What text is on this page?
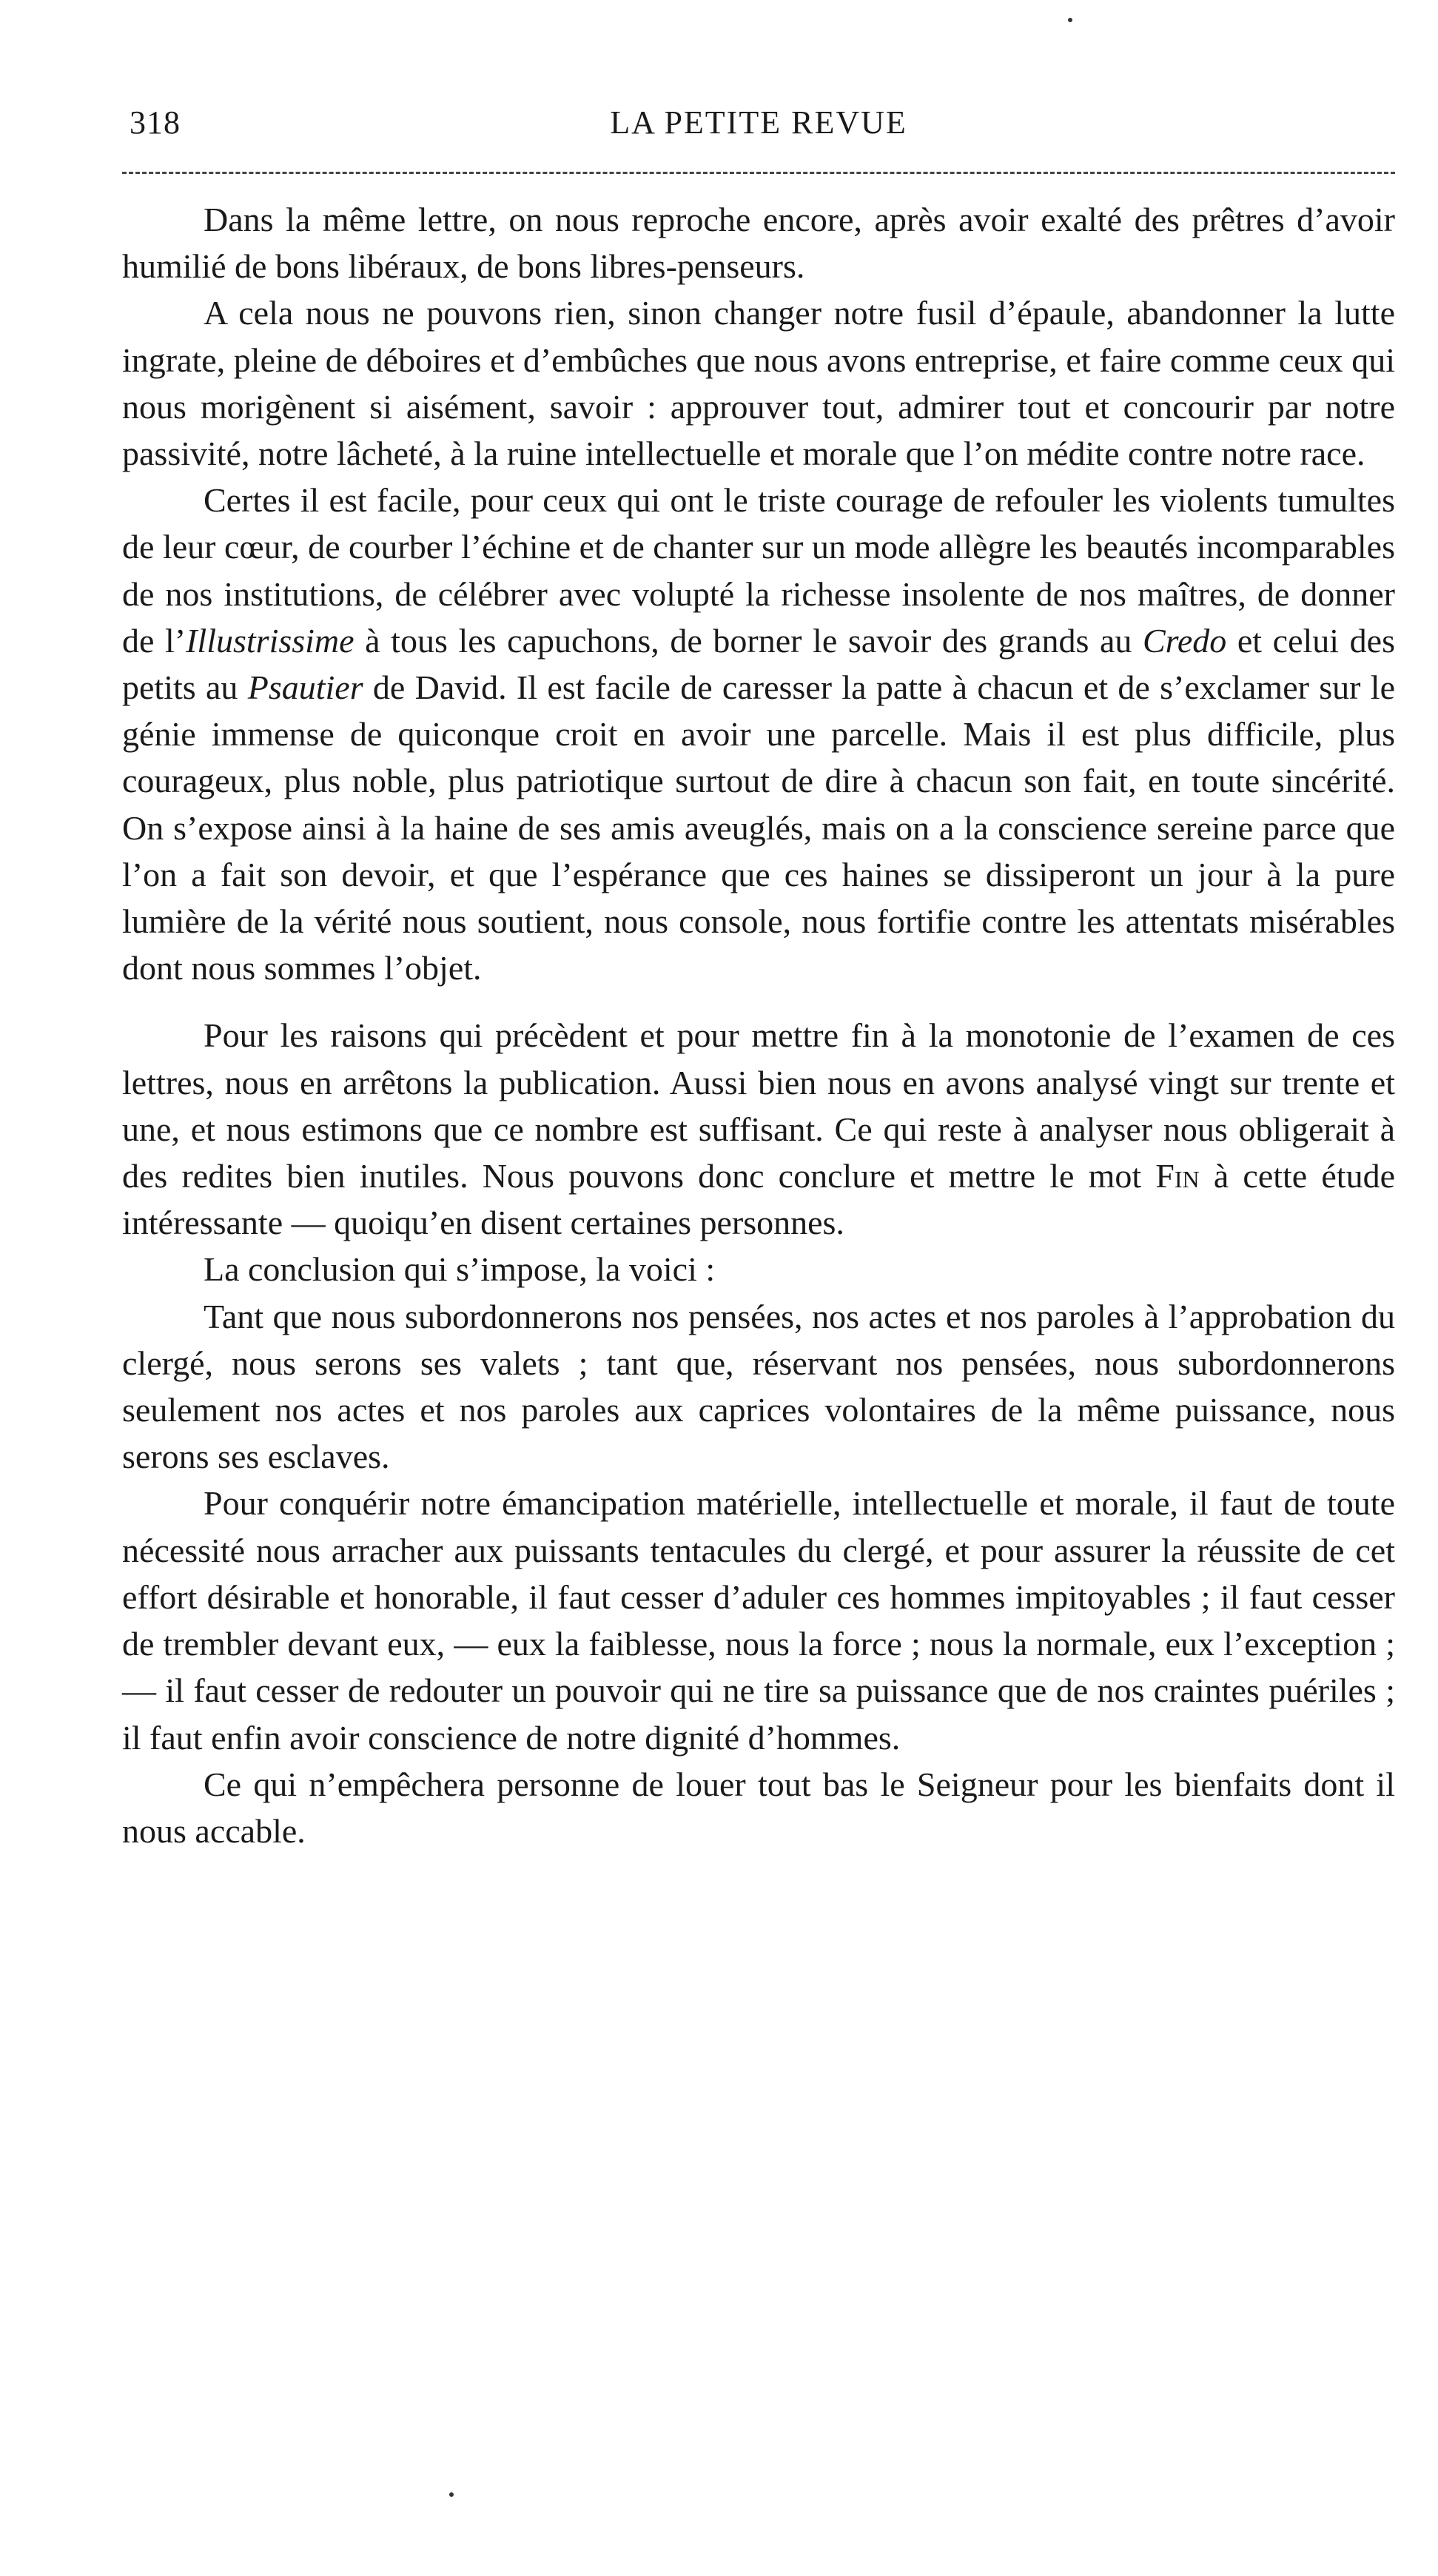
318	LA PETITE REVUE

Dans la même lettre, on nous reproche encore, après avoir exalté des prêtres d’avoir humilié de bons libéraux, de bons libres-penseurs.

A cela nous ne pouvons rien, sinon changer notre fusil d’épaule, abandonner la lutte ingrate, pleine de déboires et d’embûches que nous avons entreprise, et faire comme ceux qui nous morigènent si aisément, savoir : approuver tout, admirer tout et concourir par notre passivité, notre lâcheté, à la ruine intellectuelle et morale que l’on médite contre notre race.

Certes il est facile, pour ceux qui ont le triste courage de refouler les violents tumultes de leur cœur, de courber l’échine et de chanter sur un mode allègre les beautés incomparables de nos institutions, de célébrer avec volupté la richesse insolente de nos maîtres, de donner de l’Illustrissime à tous les capuchons, de borner le savoir des grands au Credo et celui des petits au Psautier de David. Il est facile de caresser la patte à chacun et de s’exclamer sur le génie immense de quiconque croit en avoir une parcelle. Mais il est plus difficile, plus courageux, plus noble, plus patriotique surtout de dire à chacun son fait, en toute sincérité. On s’expose ainsi à la haine de ses amis aveuglés, mais on a la conscience sereine parce que l’on a fait son devoir, et que l’espérance que ces haines se dissiperont un jour à la pure lumière de la vérité nous soutient, nous console, nous fortifie contre les attentats misérables dont nous sommes l’objet.

Pour les raisons qui précèdent et pour mettre fin à la monotonie de l’examen de ces lettres, nous en arrêtons la publication. Aussi bien nous en avons analysé vingt sur trente et une, et nous estimons que ce nombre est suffisant. Ce qui reste à analyser nous obligerait à des redites bien inutiles. Nous pouvons donc conclure et mettre le mot Fin à cette étude intéressante — quoiqu’en disent certaines personnes.

La conclusion qui s’impose, la voici :

Tant que nous subordonnerons nos pensées, nos actes et nos paroles à l’approbation du clergé, nous serons ses valets ; tant que, réservant nos pensées, nous subordonnerons seulement nos actes et nos paroles aux caprices volontaires de la même puissance, nous serons ses esclaves.

Pour conquérir notre émancipation matérielle, intellectuelle et morale, il faut de toute nécessité nous arracher aux puissants tentacules du clergé, et pour assurer la réussite de cet effort désirable et honorable, il faut cesser d’aduler ces hommes impitoyables ; il faut cesser de trembler devant eux, — eux la faiblesse, nous la force ; nous la normale, eux l’exception ; — il faut cesser de redouter un pouvoir qui ne tire sa puissance que de nos craintes puériles ; il faut enfin avoir conscience de notre dignité d’hommes.

Ce qui n’empêchera personne de louer tout bas le Seigneur pour les bienfaits dont il nous accable.
